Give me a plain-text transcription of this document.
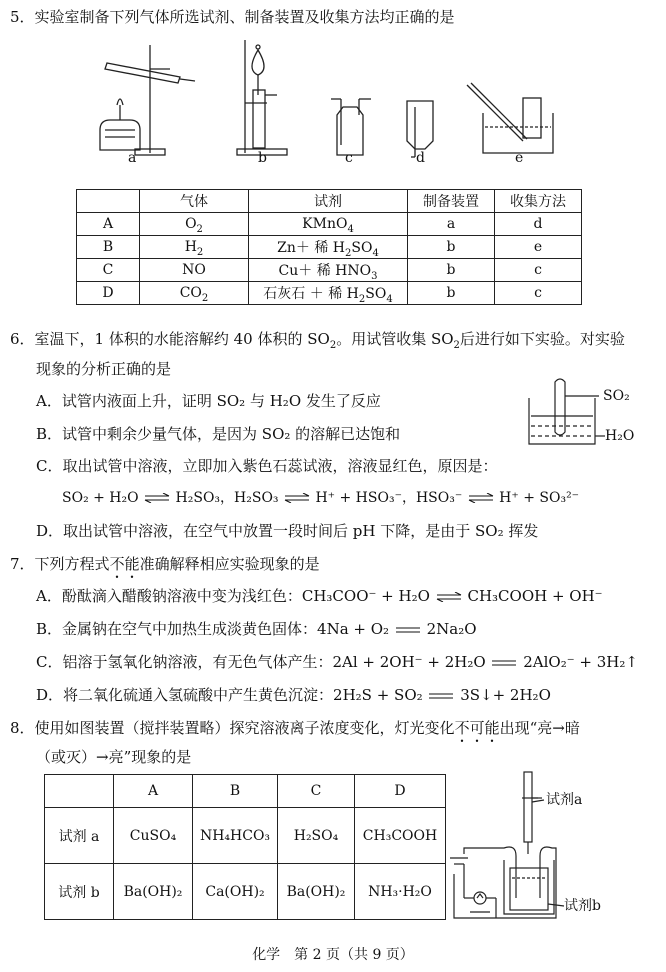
5．实验室制备下列气体所选试剂、制备装置及收集方法均正确的是
a	b	c	d	e
	气体	试剂	制备装置	收集方法
A	$O_2$	KMnO$_4$	a	d
B	$H_2$	Zn＋ 稀 $H_2SO_4$	b	e
C	NO	Cu＋ 稀 $HNO_3$	b	c
D	$CO_2$	石灰石 ＋ 稀 $H_2SO_4$	b	c
6．室温下，1 体积的水能溶解约 40 体积的 $SO_2$。用试管收集 $SO_2$后进行如下实验。对实验
现象的分析正确的是
SO₂
H₂O
A．试管内液面上升，证明 SO₂ 与 H₂O 发生了反应
B．试管中剩余少量气体，是因为 SO₂ 的溶解已达饱和
C．取出试管中溶液，立即加入紫色石蕊试液，溶液显红色，原因是：
SO₂ + H₂O ⇌ H₂SO₃，H₂SO₃ ⇌ H⁺ + HSO₃⁻，HSO₃⁻ ⇌ H⁺ + SO₃²⁻
D．取出试管中溶液，在空气中放置一段时间后 pH 下降，是由于 SO₂ 挥发
7．下列方程式不能准确解释相应实验现象的是
A．酚酞滴入醋酸钠溶液中变为浅红色：CH₃COO⁻ + H₂O ⇌ CH₃COOH + OH⁻
B．金属钠在空气中加热生成淡黄色固体：4Na + O₂	2Na₂O
C．铝溶于氢氧化钠溶液，有无色气体产生：2Al + 2OH⁻ + 2H₂O	2AlO₂⁻ + 3H₂↑
D．将二氧化硫通入氢硫酸中产生黄色沉淀：2H₂S + SO₂	3S↓+ 2H₂O
8．使用如图装置（搅拌装置略）探究溶液离子浓度变化，灯光变化不可能出现“亮→暗
（或灭）→亮”现象的是
	A	B	C	D
试剂 a	CuSO₄	NH₄HCO₃	H₂SO₄	CH₃COOH
试剂 b	Ba(OH)₂	Ca(OH)₂	Ba(OH)₂	NH₃·H₂O
试剂a
试剂b
化学　第 2 页（共 9 页）
